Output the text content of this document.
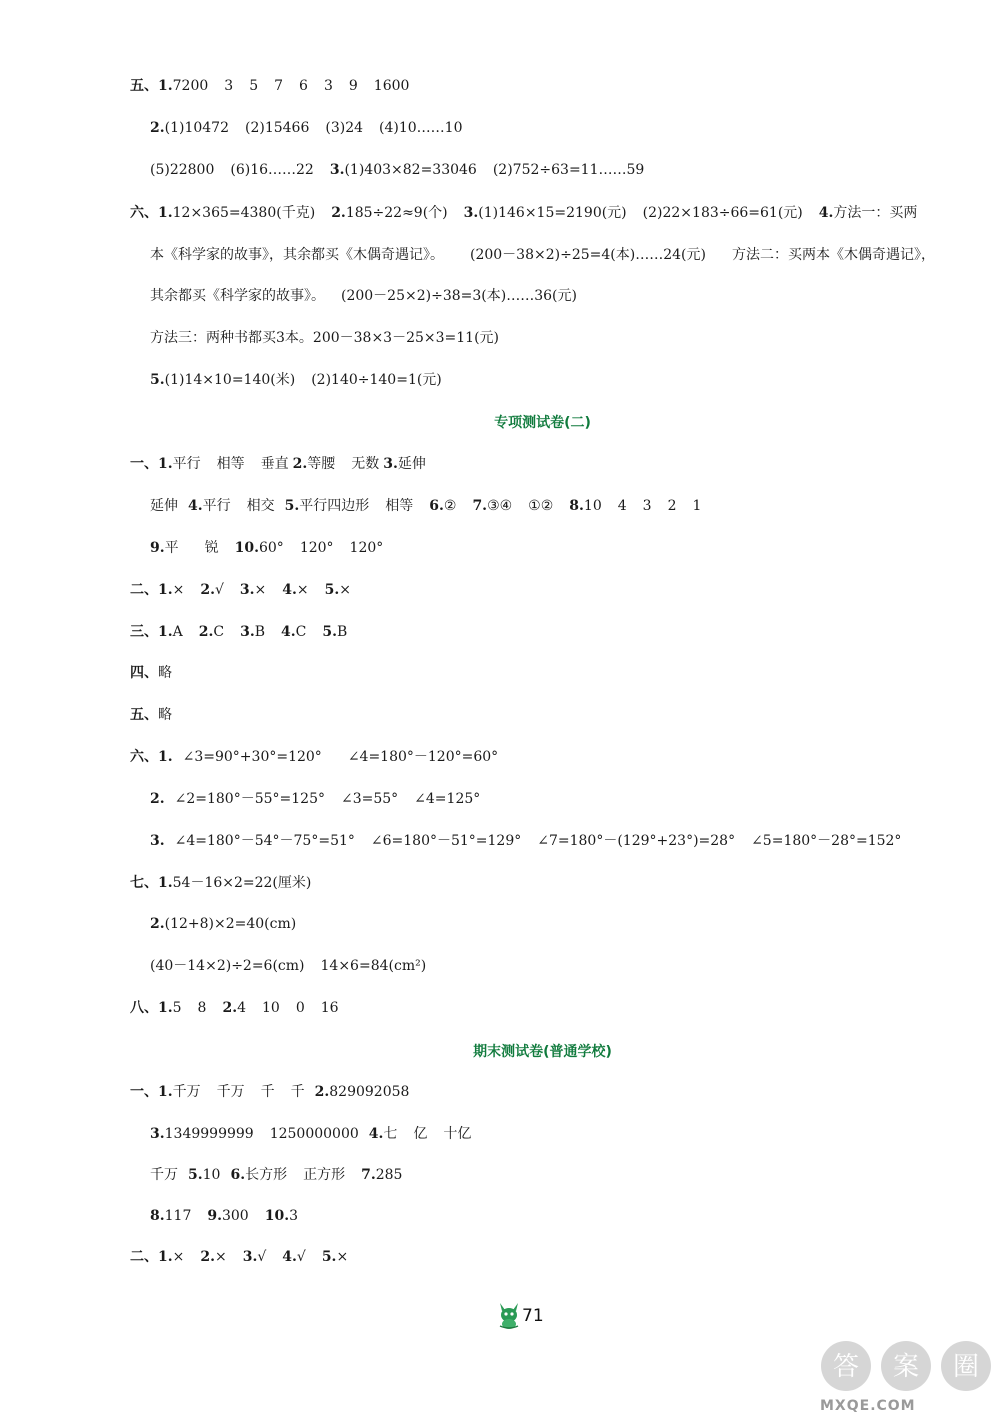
五、1.7200 3 5 7 6 3 9 1600
2.(1)10472 (2)15466 (3)24 (4)10……10
(5)22800 (6)16……22 3.(1)403×82=33046 (2)752÷63=11……59
六、1.12×365=4380(千克) 2.185÷22≈9(个) 3.(1)146×15=2190(元) (2)22×183÷66=61(元) 4.方法一：买两
本《科学家的故事》，其余都买《木偶奇遇记》。 (200－38×2)÷25=4(本)……24(元) 方法二：买两本《木偶奇遇记》，
其余都买《科学家的故事》。 (200－25×2)÷38=3(本)……36(元)
方法三：两种书都买3本。200－38×3－25×3=11(元)
5.(1)14×10=140(米) (2)140÷140=1(元)
专项测试卷(二)
一、1.平行 相等 垂直 2.等腰 无数 3.延伸
延伸 4.平行 相交 5.平行四边形 相等 6.② 7.③④ ①② 8.10 4 3 2 1
9.平 锐 10.60° 120° 120°
二、1.× 2.√ 3.× 4.× 5.×
三、1.A 2.C 3.B 4.C 5.B
四、略
五、略
六、1. ∠3=90°+30°=120° ∠4=180°－120°=60°
2. ∠2=180°－55°=125° ∠3=55° ∠4=125°
3. ∠4=180°－54°－75°=51° ∠6=180°－51°=129° ∠7=180°－(129°+23°)=28° ∠5=180°－28°=152°
七、1.54－16×2=22(厘米)
2.(12+8)×2=40(cm)
(40－14×2)÷2=6(cm) 14×6=84(cm²)
八、1.5 8 2.4 10 0 16
期末测试卷(普通学校)
一、1.千万 千万 千 千 2.829092058
3.1349999999 1250000000 4.七 亿 十亿
千万 5.10 6.长方形 正方形 7.285
8.117 9.300 10.3
二、1.× 2.× 3.√ 4.√ 5.×
71
答 案 圈
MXQE.COM
